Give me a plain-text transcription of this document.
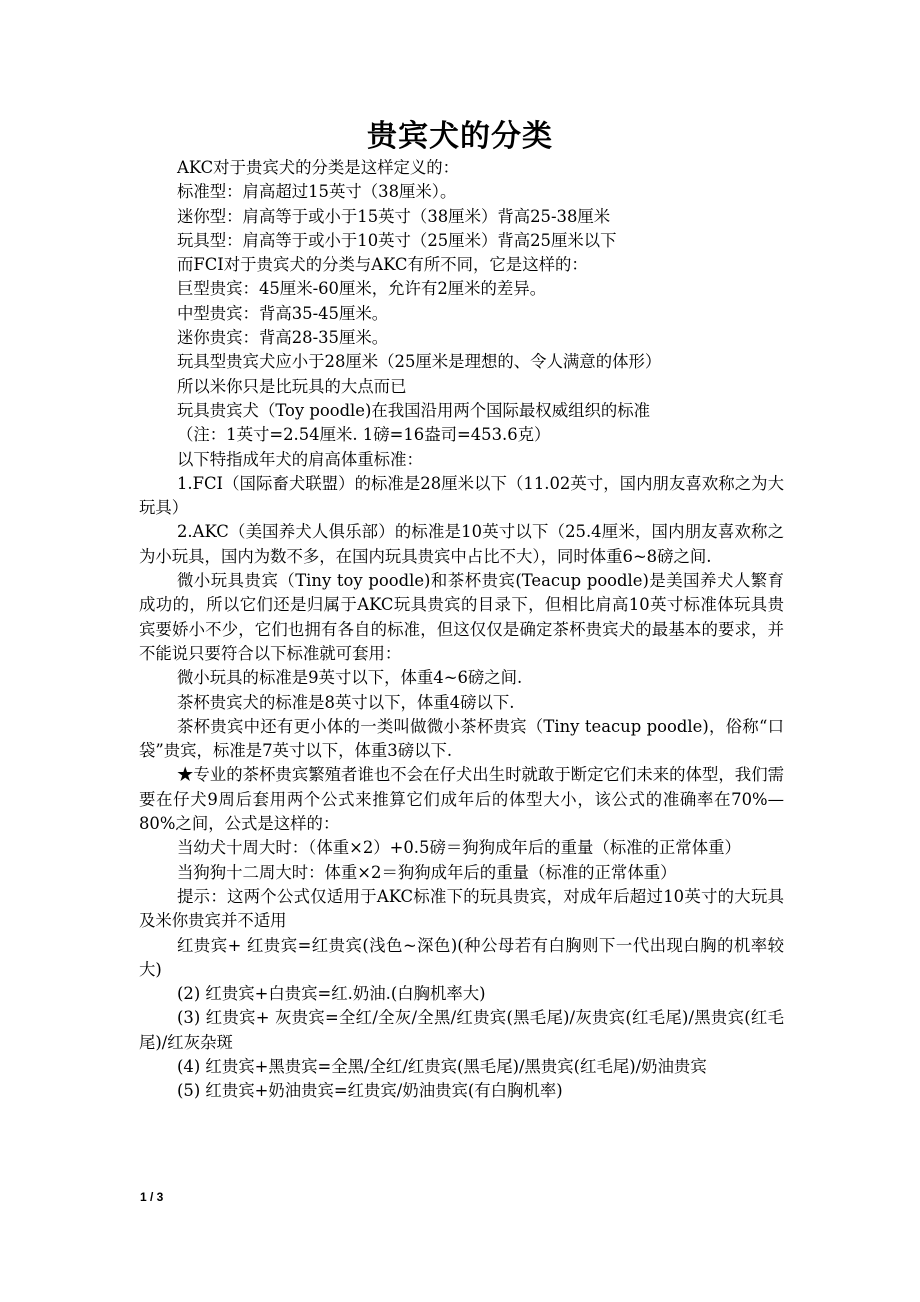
贵宾犬的分类

AKC对于贵宾犬的分类是这样定义的：

标准型：肩高超过15英寸（38厘米）。

迷你型：肩高等于或小于15英寸（38厘米）背高25-38厘米

玩具型：肩高等于或小于10英寸（25厘米）背高25厘米以下

而FCI对于贵宾犬的分类与AKC有所不同，它是这样的：

巨型贵宾：45厘米-60厘米，允许有2厘米的差异。

中型贵宾：背高35-45厘米。

迷你贵宾：背高28-35厘米。

玩具型贵宾犬应小于28厘米（25厘米是理想的、令人满意的体形）

所以米你只是比玩具的大点而已

玩具贵宾犬（Toy poodle)在我国沿用两个国际最权威组织的标准

（注：1英寸=2.54厘米. 1磅=16盎司=453.6克）

以下特指成年犬的肩高体重标准：

1.FCI（国际畜犬联盟）的标准是28厘米以下（11.02英寸，国内朋友喜欢称之为大玩具）

2.AKC（美国养犬人俱乐部）的标准是10英寸以下（25.4厘米，国内朋友喜欢称之为小玩具，国内为数不多，在国内玩具贵宾中占比不大），同时体重6~8磅之间.

微小玩具贵宾（Tiny toy poodle)和茶杯贵宾(Teacup poodle)是美国养犬人繁育成功的，所以它们还是归属于AKC玩具贵宾的目录下，但相比肩高10英寸标准体玩具贵宾要娇小不少，它们也拥有各自的标准，但这仅仅是确定茶杯贵宾犬的最基本的要求，并不能说只要符合以下标准就可套用：

微小玩具的标准是9英寸以下，体重4~6磅之间.

茶杯贵宾犬的标准是8英寸以下，体重4磅以下.

茶杯贵宾中还有更小体的一类叫做微小茶杯贵宾（Tiny teacup poodle)，俗称“口袋”贵宾，标准是7英寸以下，体重3磅以下.

★专业的茶杯贵宾繁殖者谁也不会在仔犬出生时就敢于断定它们未来的体型，我们需要在仔犬9周后套用两个公式来推算它们成年后的体型大小，该公式的准确率在70%—80%之间，公式是这样的：

当幼犬十周大时：（体重×2）+0.5磅＝狗狗成年后的重量（标准的正常体重）

当狗狗十二周大时：体重×2＝狗狗成年后的重量（标准的正常体重）

提示：这两个公式仅适用于AKC标准下的玩具贵宾，对成年后超过10英寸的大玩具及米你贵宾并不适用

红贵宾+ 红贵宾=红贵宾(浅色~深色)(种公母若有白胸则下一代出现白胸的机率较大)

(2) 红贵宾+白贵宾=红.奶油.(白胸机率大)

(3) 红贵宾+ 灰贵宾=全红/全灰/全黑/红贵宾(黑毛尾)/灰贵宾(红毛尾)/黑贵宾(红毛尾)/红灰杂斑

(4) 红贵宾+黑贵宾=全黑/全红/红贵宾(黑毛尾)/黑贵宾(红毛尾)/奶油贵宾

(5) 红贵宾+奶油贵宾=红贵宾/奶油贵宾(有白胸机率)

1 / 3
